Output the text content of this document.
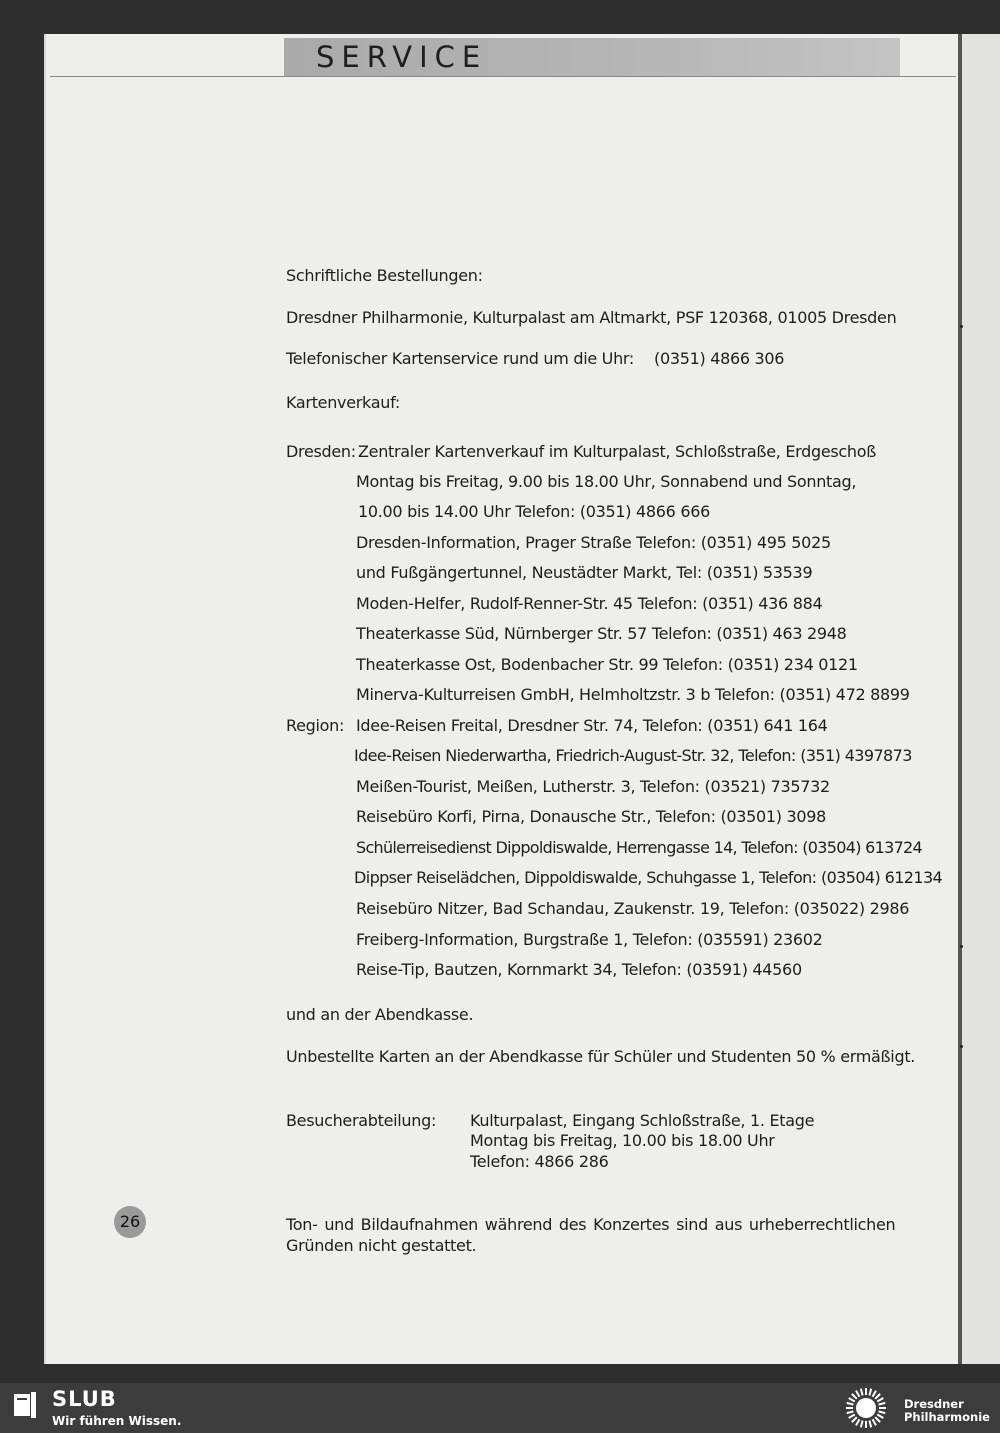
SERVICE
Schriftliche Bestellungen:
Dresdner Philharmonie, Kulturpalast am Altmarkt, PSF 120368, 01005 Dresden
Telefonischer Kartenservice rund um die Uhr: (0351) 4866 306
Kartenverkauf:
Dresden: Zentraler Kartenverkauf im Kulturpalast, Schloßstraße, Erdgeschoß
Montag bis Freitag, 9.00 bis 18.00 Uhr, Sonnabend und Sonntag,
10.00 bis 14.00 Uhr Telefon: (0351) 4866 666
Dresden-Information, Prager Straße Telefon: (0351) 495 5025
und Fußgängertunnel, Neustädter Markt, Tel: (0351) 53539
Moden-Helfer, Rudolf-Renner-Str. 45 Telefon: (0351) 436 884
Theaterkasse Süd, Nürnberger Str. 57 Telefon: (0351) 463 2948
Theaterkasse Ost, Bodenbacher Str. 99 Telefon: (0351) 234 0121
Minerva-Kulturreisen GmbH, Helmholtzstr. 3 b Telefon: (0351) 472 8899
Region: Idee-Reisen Freital, Dresdner Str. 74, Telefon: (0351) 641 164
Idee-Reisen Niederwartha, Friedrich-August-Str. 32, Telefon: (351) 4397873
Meißen-Tourist, Meißen, Lutherstr. 3, Telefon: (03521) 735732
Reisebüro Korfi, Pirna, Donausche Str., Telefon: (03501) 3098
Schülerreisedienst Dippoldiswalde, Herrengasse 14, Telefon: (03504) 613724
Dippser Reiselädchen, Dippoldiswalde, Schuhgasse 1, Telefon: (03504) 612134
Reisebüro Nitzer, Bad Schandau, Zaukenstr. 19, Telefon: (035022) 2986
Freiberg-Information, Burgstraße 1, Telefon: (035591) 23602
Reise-Tip, Bautzen, Kornmarkt 34, Telefon: (03591) 44560
und an der Abendkasse.
Unbestellte Karten an der Abendkasse für Schüler und Studenten 50 % ermäßigt.
Besucherabteilung: Kulturpalast, Eingang Schloßstraße, 1. Etage
Montag bis Freitag, 10.00 bis 18.00 Uhr
Telefon: 4866 286
26	Ton- und Bildaufnahmen während des Konzertes sind aus urheberrechtlichen
Gründen nicht gestattet.
SLUB
Wir führen Wissen.
Dresdner
Philharmonie
